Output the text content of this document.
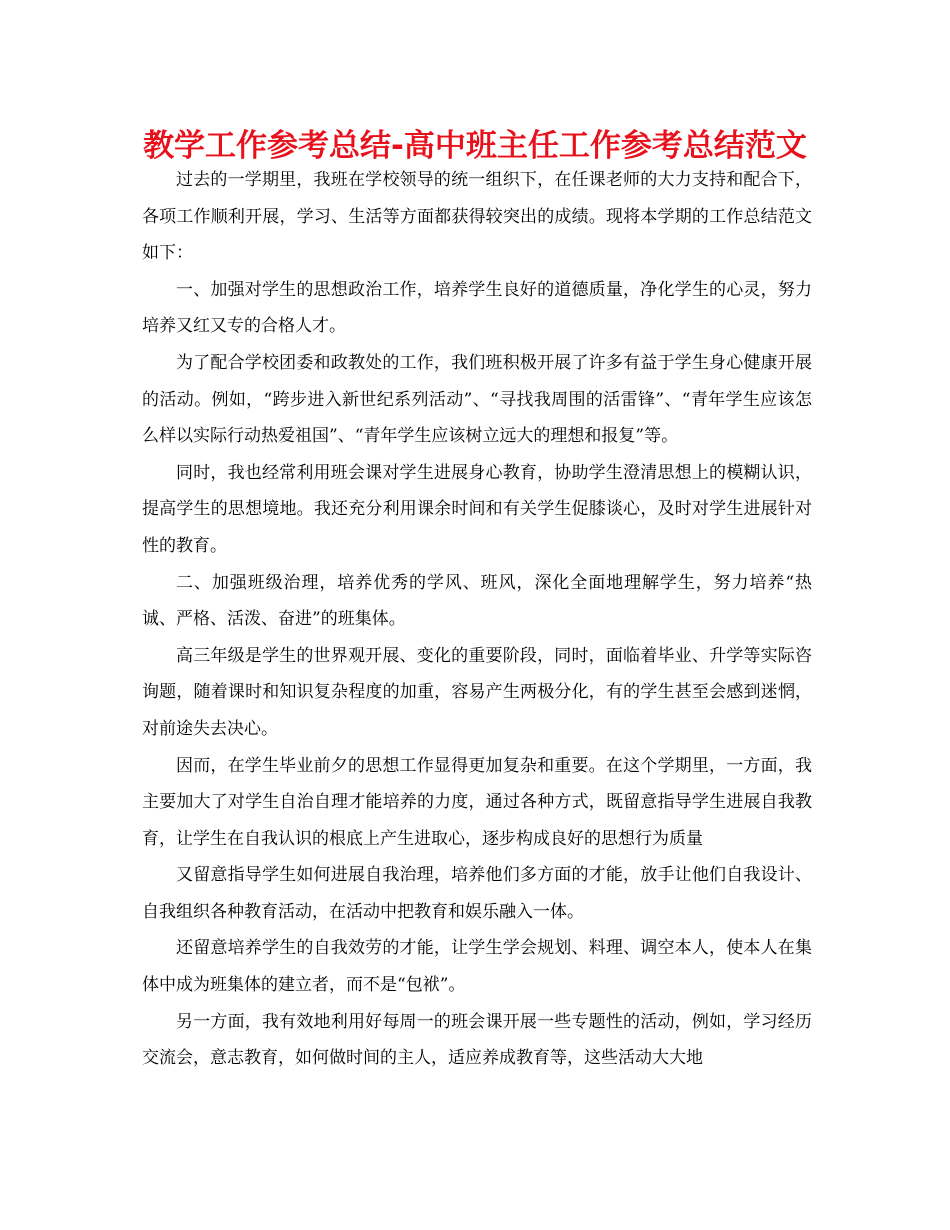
教学工作参考总结-高中班主任工作参考总结范文

过去的一学期里，我班在学校领导的统一组织下，在任课老师的大力支持和配合下，各项工作顺利开展，学习、生活等方面都获得较突出的成绩。现将本学期的工作总结范文如下：

一、加强对学生的思想政治工作，培养学生良好的道德质量，净化学生的心灵，努力培养又红又专的合格人才。

为了配合学校团委和政教处的工作，我们班积极开展了许多有益于学生身心健康开展的活动。例如，“跨步进入新世纪系列活动”、“寻找我周围的活雷锋”、“青年学生应该怎么样以实际行动热爱祖国”、“青年学生应该树立远大的理想和报复”等。

同时，我也经常利用班会课对学生进展身心教育，协助学生澄清思想上的模糊认识，提高学生的思想境地。我还充分利用课余时间和有关学生促膝谈心，及时对学生进展针对性的教育。

二、加强班级治理，培养优秀的学风、班风，深化全面地理解学生，努力培养“热诚、严格、活泼、奋进”的班集体。

高三年级是学生的世界观开展、变化的重要阶段，同时，面临着毕业、升学等实际咨询题，随着课时和知识复杂程度的加重，容易产生两极分化，有的学生甚至会感到迷惘，对前途失去决心。

因而，在学生毕业前夕的思想工作显得更加复杂和重要。在这个学期里，一方面，我主要加大了对学生自治自理才能培养的力度，通过各种方式，既留意指导学生进展自我教育，让学生在自我认识的根底上产生进取心，逐步构成良好的思想行为质量

又留意指导学生如何进展自我治理，培养他们多方面的才能，放手让他们自我设计、自我组织各种教育活动，在活动中把教育和娱乐融入一体。

还留意培养学生的自我效劳的才能，让学生学会规划、料理、调空本人，使本人在集体中成为班集体的建立者，而不是“包袱”。

另一方面，我有效地利用好每周一的班会课开展一些专题性的活动，例如，学习经历交流会，意志教育，如何做时间的主人，适应养成教育等，这些活动大大地
